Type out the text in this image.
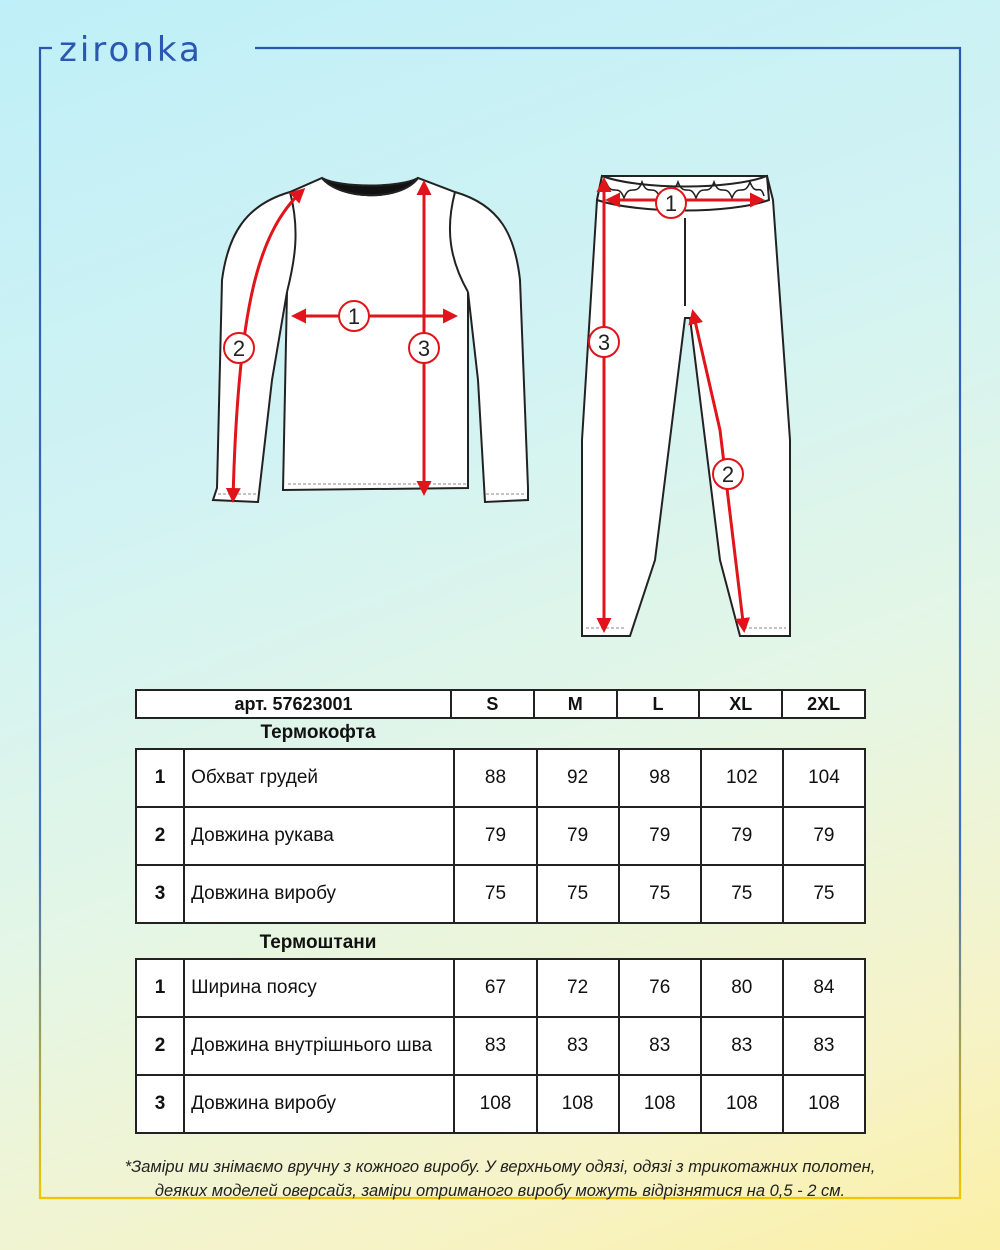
zironka
1
2	3
1
2
3
арт. 57623001	S	M	L	XL	2XL
Термокофта
1	Обхват грудей	88	92	98	102	104
2	Довжина рукава	79	79	79	79	79
3	Довжина виробу	75	75	75	75	75
Термоштани
1	Ширина поясу	67	72	76	80	84
2	Довжина внутрішнього шва	83	83	83	83	83
3	Довжина виробу	108	108	108	108	108
*Заміри ми знімаємо вручну з кожного виробу. У верхньому одязі, одязі з трикотажних полотен,
деяких моделей оверсайз, заміри отриманого виробу можуть відрізнятися на 0,5 - 2 см.
